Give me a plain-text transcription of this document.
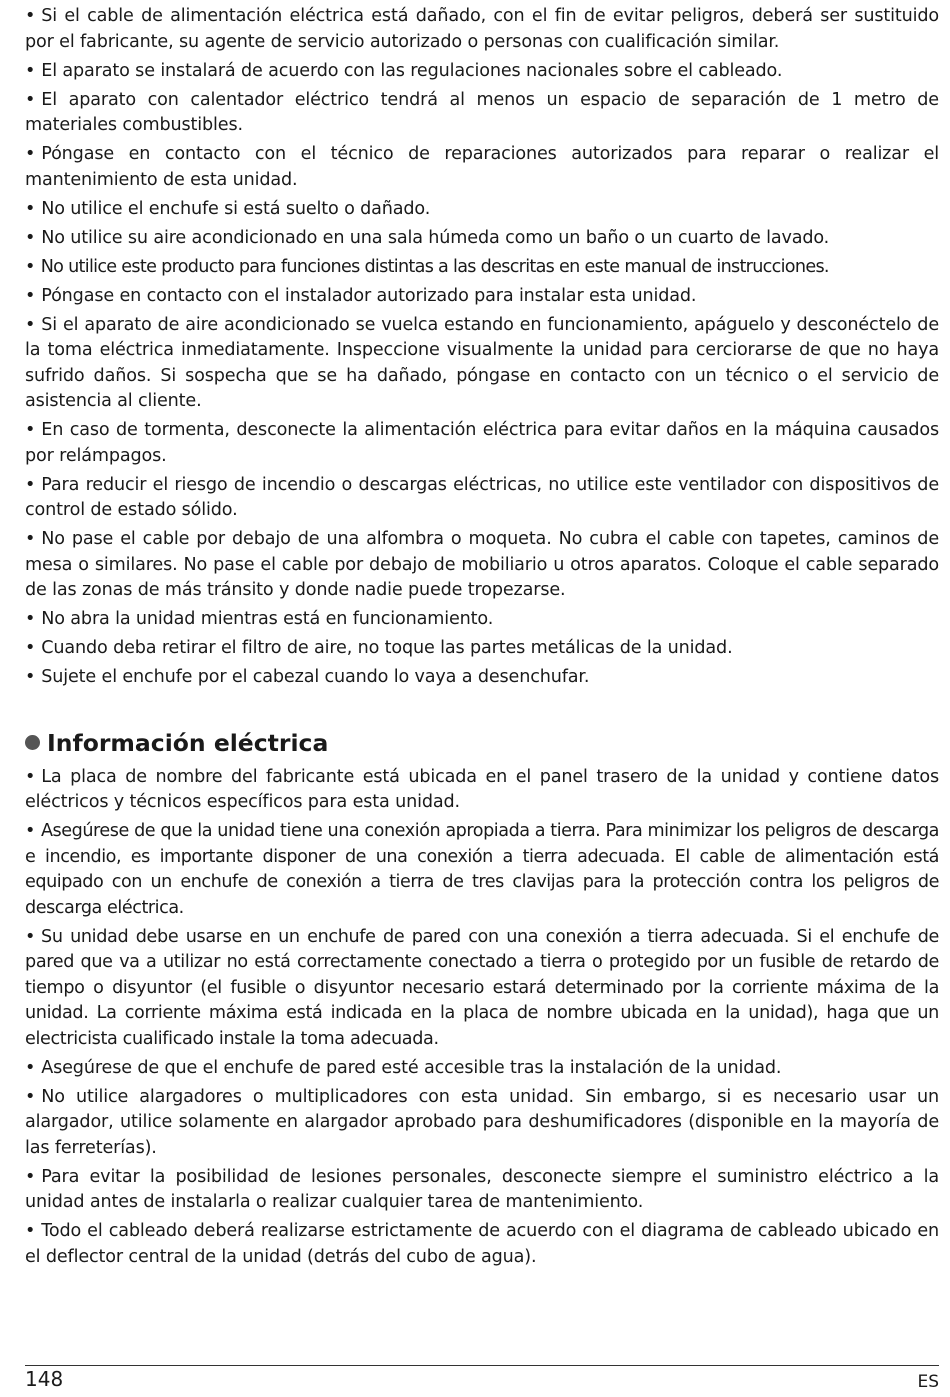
• Si el cable de alimentación eléctrica está dañado, con el fin de evitar peligros, deberá ser sustituido por el fabricante, su agente de servicio autorizado o personas con cualificación similar.
• El aparato se instalará de acuerdo con las regulaciones nacionales sobre el cableado.
• El aparato con calentador eléctrico tendrá al menos un espacio de separación de 1 metro de materiales combustibles.
• Póngase en contacto con el técnico de reparaciones autorizados para reparar o realizar el mantenimiento de esta unidad.
• No utilice el enchufe si está suelto o dañado.
• No utilice su aire acondicionado en una sala húmeda como un baño o un cuarto de lavado.
• No utilice este producto para funciones distintas a las descritas en este manual de instrucciones.
• Póngase en contacto con el instalador autorizado para instalar esta unidad.
• Si el aparato de aire acondicionado se vuelca estando en funcionamiento, apáguelo y desconéctelo de la toma eléctrica inmediatamente. Inspeccione visualmente la unidad para cerciorarse de que no haya sufrido daños. Si sospecha que se ha dañado, póngase en contacto con un técnico o el servicio de asistencia al cliente.
• En caso de tormenta, desconecte la alimentación eléctrica para evitar daños en la máquina causados por relámpagos.
• Para reducir el riesgo de incendio o descargas eléctricas, no utilice este ventilador con dispositivos de control de estado sólido.
• No pase el cable por debajo de una alfombra o moqueta. No cubra el cable con tapetes, caminos de mesa o similares. No pase el cable por debajo de mobiliario u otros aparatos. Coloque el cable separado de las zonas de más tránsito y donde nadie puede tropezarse.
• No abra la unidad mientras está en funcionamiento.
• Cuando deba retirar el filtro de aire, no toque las partes metálicas de la unidad.
• Sujete el enchufe por el cabezal cuando lo vaya a desenchufar.
Información eléctrica
• La placa de nombre del fabricante está ubicada en el panel trasero de la unidad y contiene datos eléctricos y técnicos específicos para esta unidad.
• Asegúrese de que la unidad tiene una conexión apropiada a tierra. Para minimizar los peligros de descarga e incendio, es importante disponer de una conexión a tierra adecuada. El cable de alimentación está equipado con un enchufe de conexión a tierra de tres clavijas para la protección contra los peligros de descarga eléctrica.
• Su unidad debe usarse en un enchufe de pared con una conexión a tierra adecuada. Si el enchufe de pared que va a utilizar no está correctamente conectado a tierra o protegido por un fusible de retardo de tiempo o disyuntor (el fusible o disyuntor necesario estará determinado por la corriente máxima de la unidad. La corriente máxima está indicada en la placa de nombre ubicada en la unidad), haga que un electricista cualificado instale la toma adecuada.
• Asegúrese de que el enchufe de pared esté accesible tras la instalación de la unidad.
• No utilice alargadores o multiplicadores con esta unidad. Sin embargo, si es necesario usar un alargador, utilice solamente en alargador aprobado para deshumificadores (disponible en la mayoría de las ferreterías).
• Para evitar la posibilidad de lesiones personales, desconecte siempre el suministro eléctrico a la unidad antes de instalarla o realizar cualquier tarea de mantenimiento.
• Todo el cableado deberá realizarse estrictamente de acuerdo con el diagrama de cableado ubicado en el deflector central de la unidad (detrás del cubo de agua).
148	ES
